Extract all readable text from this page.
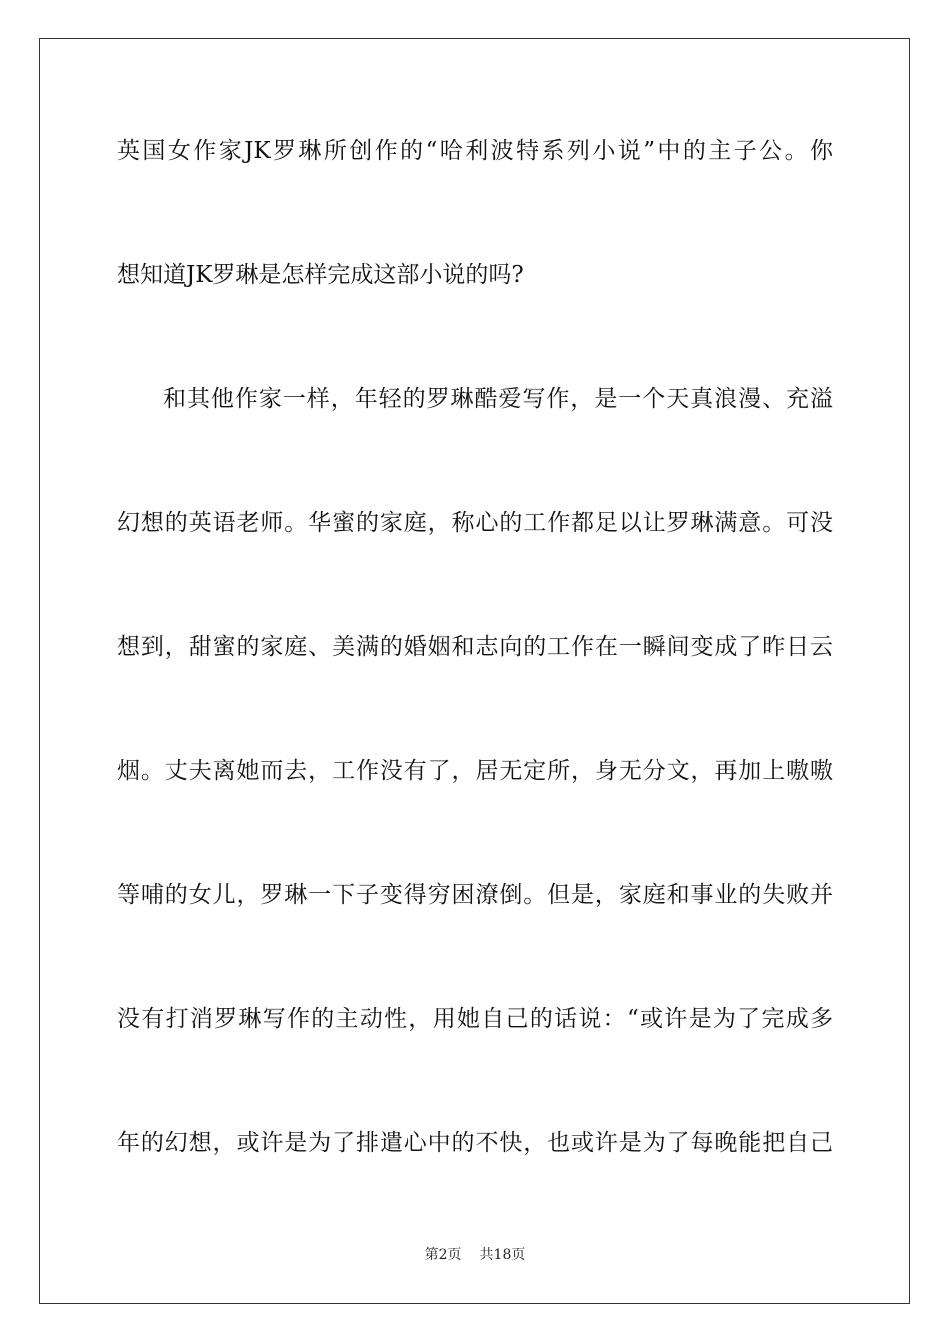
英国女作家JK罗琳所创作的“哈利波特系列小说”中的主子公。你
想知道JK罗琳是怎样完成这部小说的吗?
和其他作家一样，年轻的罗琳酷爱写作，是一个天真浪漫、充溢
幻想的英语老师。华蜜的家庭，称心的工作都足以让罗琳满意。可没
想到，甜蜜的家庭、美满的婚姻和志向的工作在一瞬间变成了昨日云
烟。丈夫离她而去，工作没有了，居无定所，身无分文，再加上嗷嗷
等哺的女儿，罗琳一下子变得穷困潦倒。但是，家庭和事业的失败并
没有打消罗琳写作的主动性，用她自己的话说：“或许是为了完成多
年的幻想，或许是为了排遣心中的不快，也或许是为了每晚能把自己
第2页 共18页
